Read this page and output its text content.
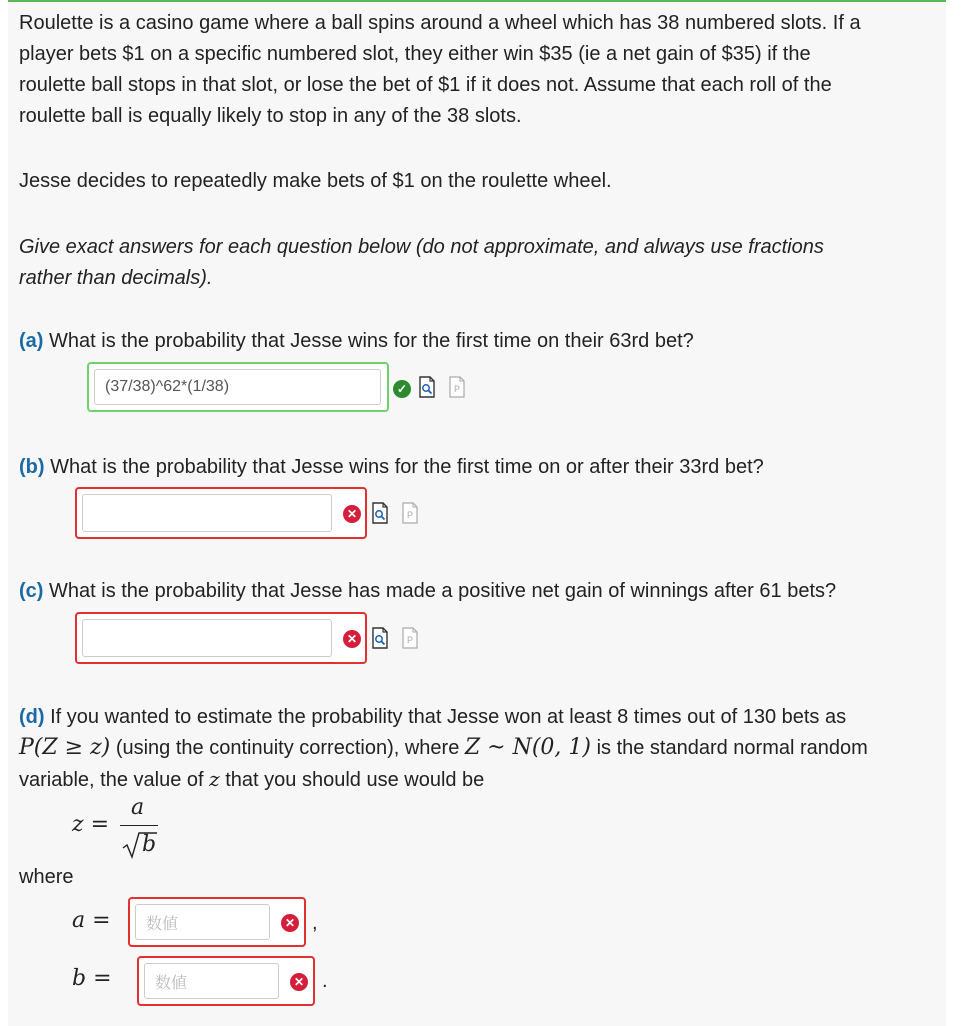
Roulette is a casino game where a ball spins around a wheel which has 38 numbered slots. If a
player bets $1 on a specific numbered slot, they either win $35 (ie a net gain of $35) if the
roulette ball stops in that slot, or lose the bet of $1 if it does not. Assume that each roll of the
roulette ball is equally likely to stop in any of the 38 slots.
Jesse decides to repeatedly make bets of $1 on the roulette wheel.
Give exact answers for each question below (do not approximate, and always use fractions
rather than decimals).
(a) What is the probability that Jesse wins for the first time on their 63rd bet?
(37/38)^62*(1/38)	✓	P
(b) What is the probability that Jesse wins for the first time on or after their 33rd bet?
✕	P
(c) What is the probability that Jesse has made a positive net gain of winnings after 61 bets?
✕	P
(d) If you wanted to estimate the probability that Jesse won at least 8 times out of 130 bets as
P(Z ≥ z) (using the continuity correction), where Z ~ N(0, 1) is the standard normal random
variable, the value of z that you should use would be
z =
a
b
where
a =	数値	✕ ,
b =	数値	✕ .
